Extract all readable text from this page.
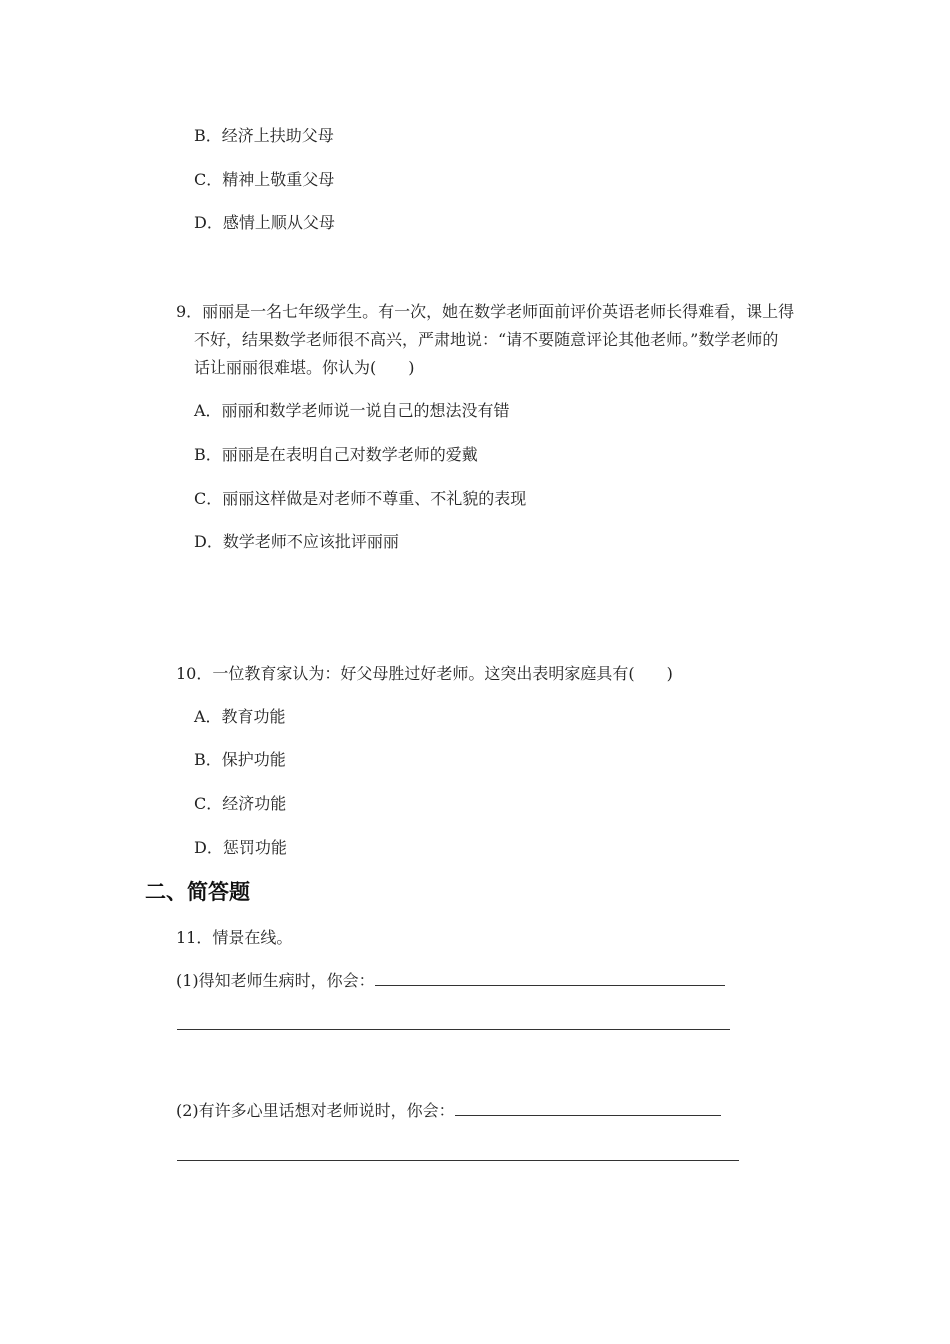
B．经济上扶助父母
C．精神上敬重父母
D．感情上顺从父母
9．丽丽是一名七年级学生。有一次，她在数学老师面前评价英语老师长得难看，课上得
不好，结果数学老师很不高兴，严肃地说：“请不要随意评论其他老师。”数学老师的
话让丽丽很难堪。你认为(　　)
A．丽丽和数学老师说一说自己的想法没有错
B．丽丽是在表明自己对数学老师的爱戴
C．丽丽这样做是对老师不尊重、不礼貌的表现
D．数学老师不应该批评丽丽
10．一位教育家认为：好父母胜过好老师。这突出表明家庭具有(　　)
A．教育功能
B．保护功能
C．经济功能
D．惩罚功能
二、简答题
11．情景在线。
(1)得知老师生病时，你会：
(2)有许多心里话想对老师说时，你会：
